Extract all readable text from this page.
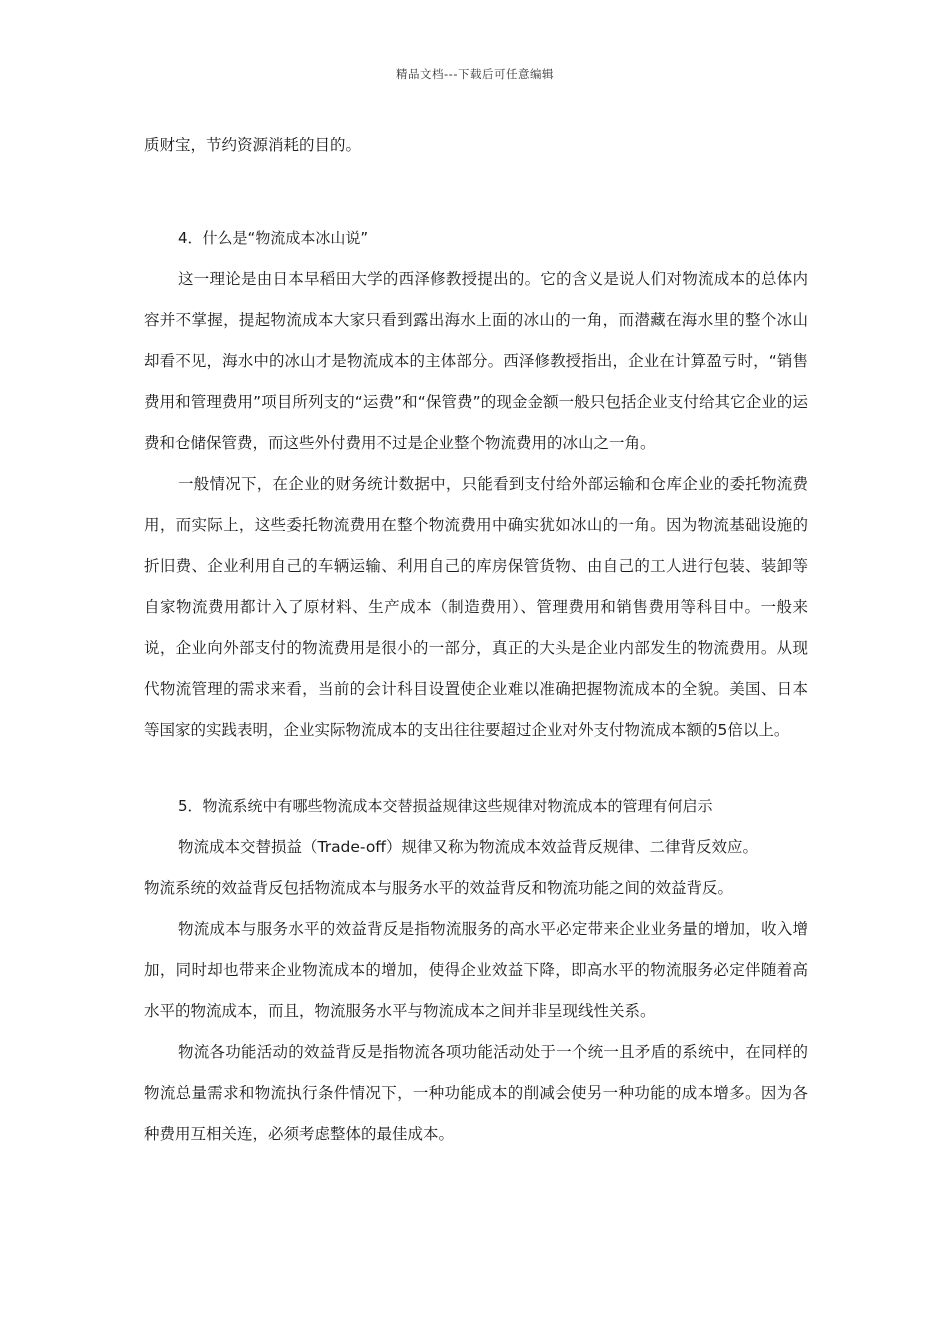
精品文档---下载后可任意编辑

质财宝，节约资源消耗的目的。

4．什么是“物流成本冰山说”

这一理论是由日本早稻田大学的西泽修教授提出的。它的含义是说人们对物流成本的总体内容并不掌握，提起物流成本大家只看到露出海水上面的冰山的一角，而潜藏在海水里的整个冰山却看不见，海水中的冰山才是物流成本的主体部分。西泽修教授指出，企业在计算盈亏时，“销售费用和管理费用”项目所列支的“运费”和“保管费”的现金金额一般只包括企业支付给其它企业的运费和仓储保管费，而这些外付费用不过是企业整个物流费用的冰山之一角。

一般情况下，在企业的财务统计数据中，只能看到支付给外部运输和仓库企业的委托物流费用，而实际上，这些委托物流费用在整个物流费用中确实犹如冰山的一角。因为物流基础设施的折旧费、企业利用自己的车辆运输、利用自己的库房保管货物、由自己的工人进行包装、装卸等自家物流费用都计入了原材料、生产成本（制造费用）、管理费用和销售费用等科目中。一般来说，企业向外部支付的物流费用是很小的一部分，真正的大头是企业内部发生的物流费用。从现代物流管理的需求来看，当前的会计科目设置使企业难以准确把握物流成本的全貌。美国、日本等国家的实践表明，企业实际物流成本的支出往往要超过企业对外支付物流成本额的5倍以上。

5．物流系统中有哪些物流成本交替损益规律这些规律对物流成本的管理有何启示

物流成本交替损益（Trade-off）规律又称为物流成本效益背反规律、二律背反效应。

物流系统的效益背反包括物流成本与服务水平的效益背反和物流功能之间的效益背反。

物流成本与服务水平的效益背反是指物流服务的高水平必定带来企业业务量的增加，收入增加，同时却也带来企业物流成本的增加，使得企业效益下降，即高水平的物流服务必定伴随着高水平的物流成本，而且，物流服务水平与物流成本之间并非呈现线性关系。

物流各功能活动的效益背反是指物流各项功能活动处于一个统一且矛盾的系统中，在同样的物流总量需求和物流执行条件情况下，一种功能成本的削减会使另一种功能的成本增多。因为各种费用互相关连，必须考虑整体的最佳成本。
